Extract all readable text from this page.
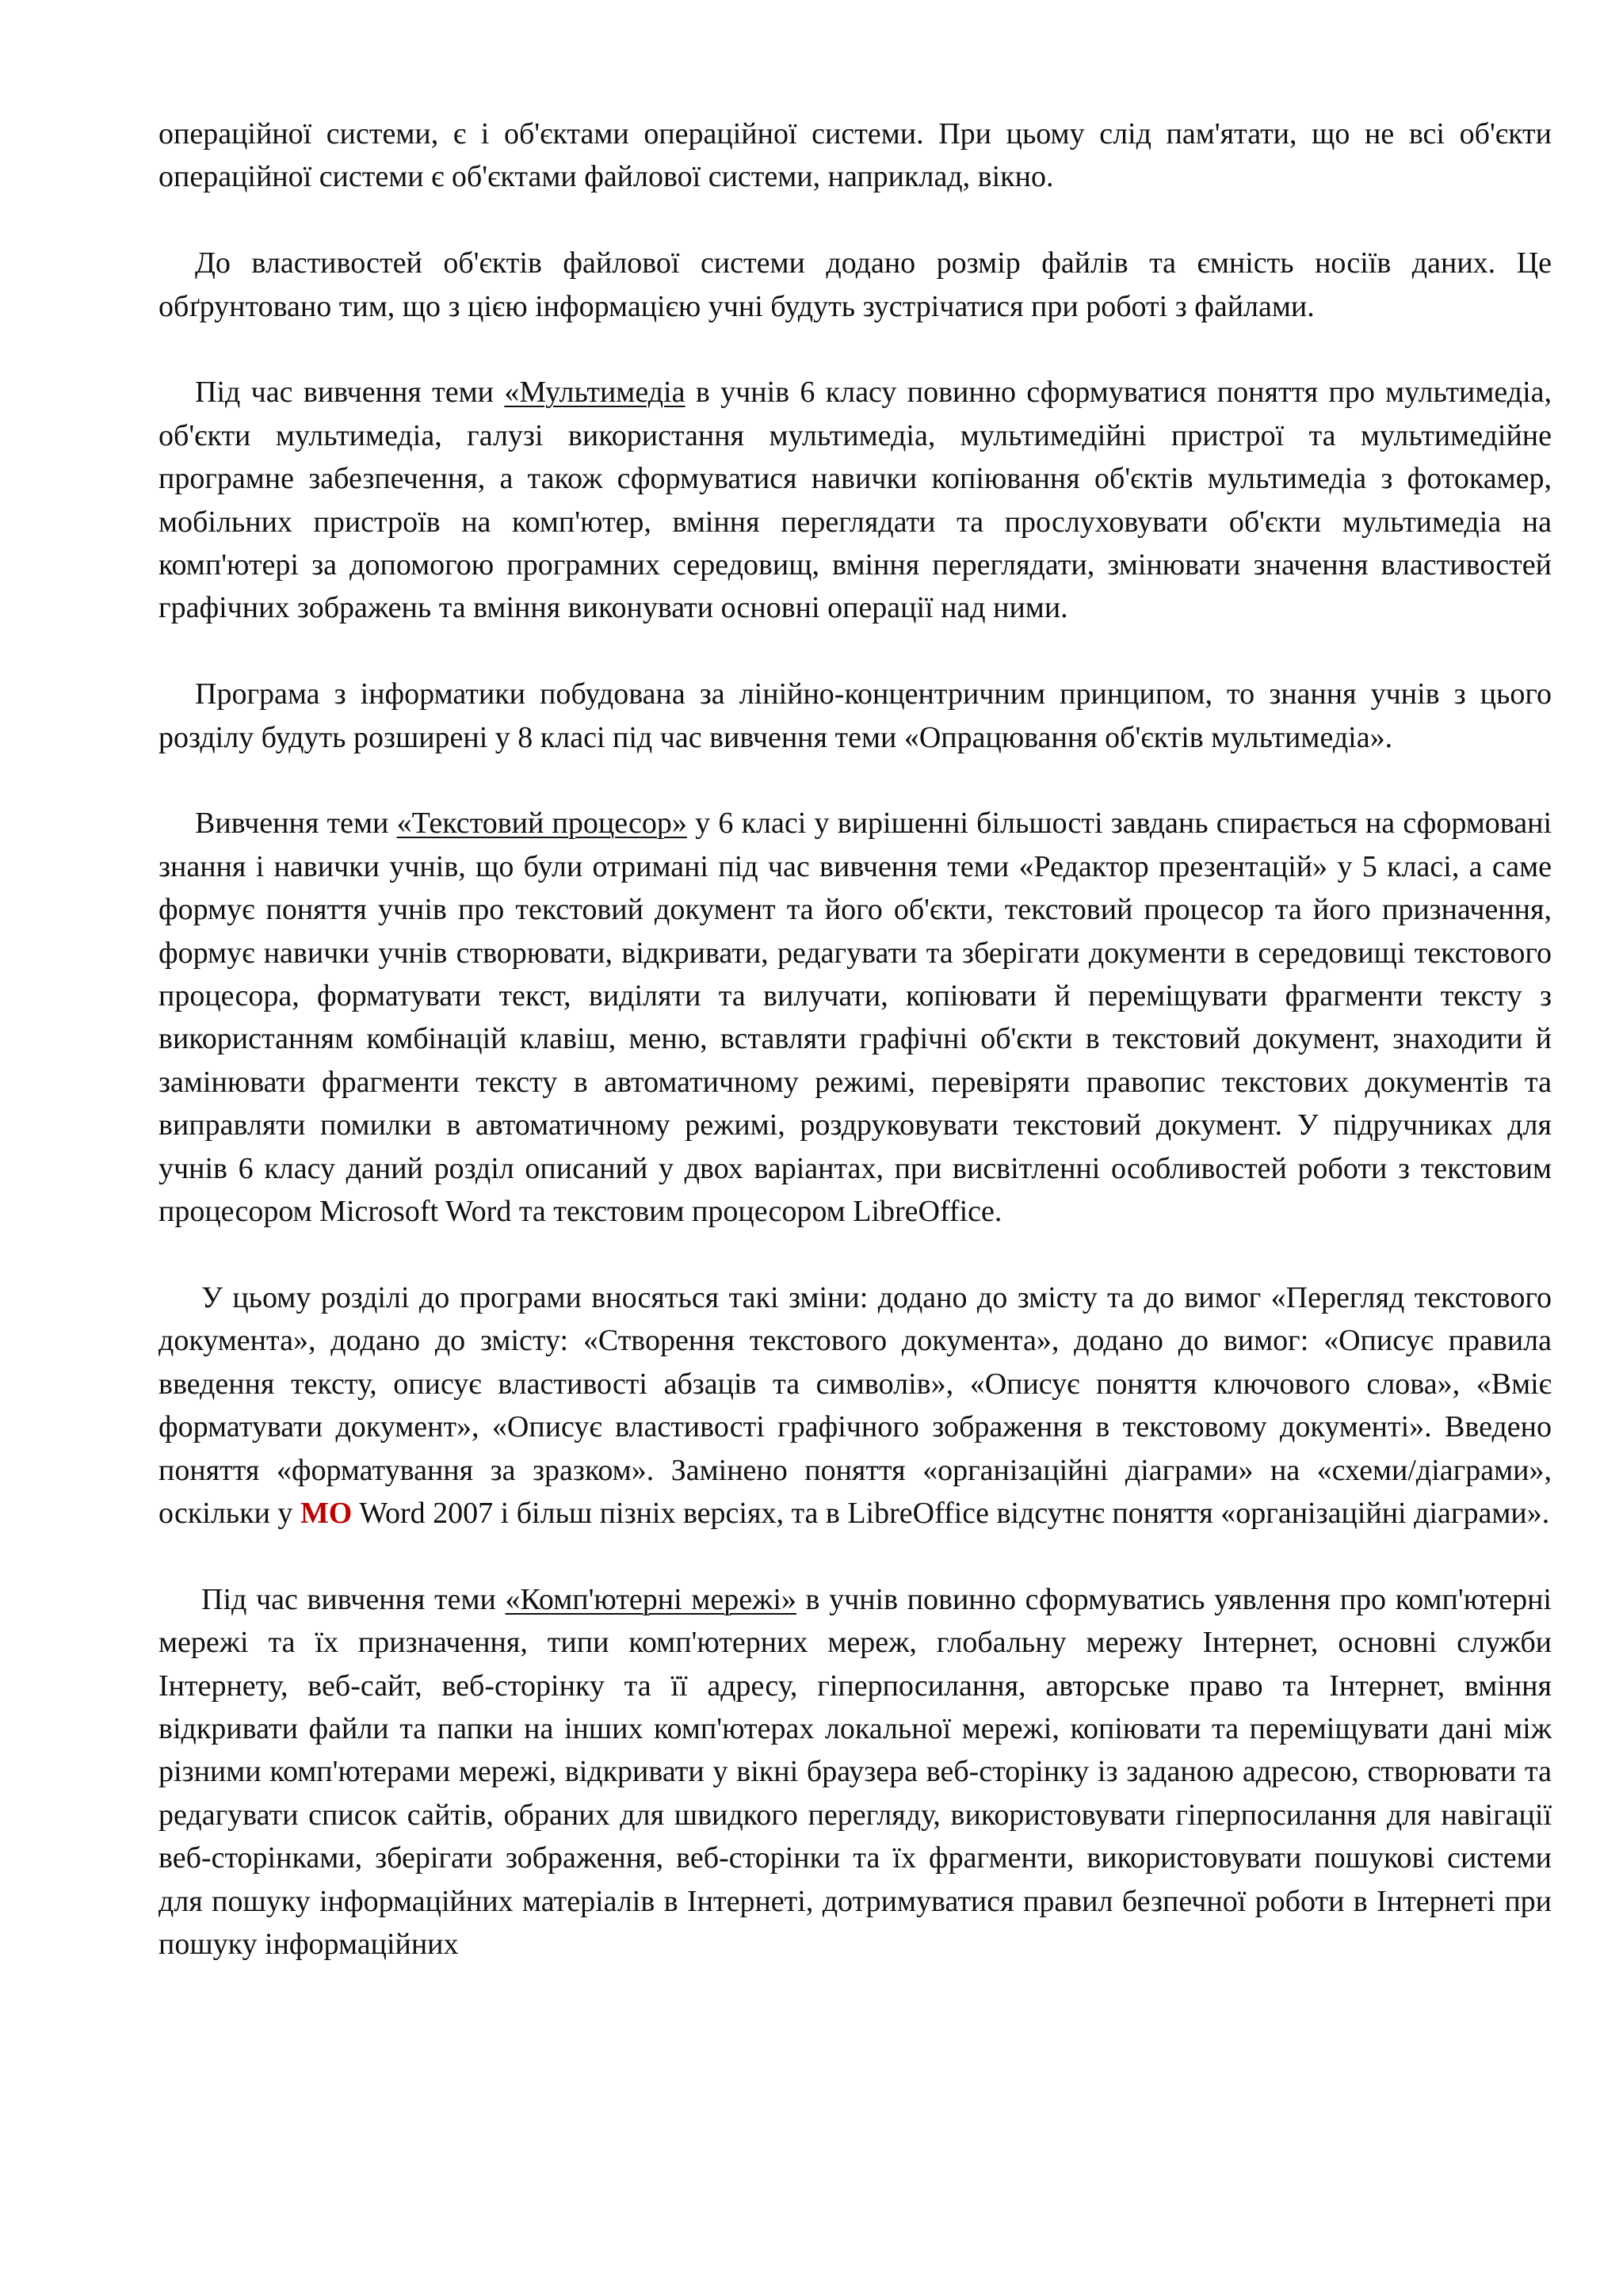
операційної системи, є і об'єктами операційної системи. При цьому слід пам'ятати, що не всі об'єкти операційної системи є об'єктами файлової системи, наприклад, вікно.

До властивостей об'єктів файлової системи додано розмір файлів та ємність носіїв даних. Це обґрунтовано тим, що з цією інформацією учні будуть зустрічатися при роботі з файлами.

Під час вивчення теми «Мультимедіа в учнів 6 класу повинно сформуватися поняття про мультимедіа, об'єкти мультимедіа, галузі використання мультимедіа, мультимедійні пристрої та мультимедійне програмне забезпечення, а також сформуватися навички копіювання об'єктів мультимедіа з фотокамер, мобільних пристроїв на комп'ютер, вміння переглядати та прослуховувати об'єкти мультимедіа на комп'ютері за допомогою програмних середовищ, вміння переглядати, змінювати значення властивостей графічних зображень та вміння виконувати основні операції над ними.

Програма з інформатики побудована за лінійно-концентричним принципом, то знання учнів з цього розділу будуть розширені у 8 класі під час вивчення теми «Опрацювання об'єктів мультимедіа».

Вивчення теми «Текстовий процесор» у 6 класі у вирішенні більшості завдань спирається на сформовані знання і навички учнів, що були отримані під час вивчення теми «Редактор презентацій» у 5 класі, а саме формує поняття учнів про текстовий документ та його об'єкти, текстовий процесор та його призначення, формує навички учнів створювати, відкривати, редагувати та зберігати документи в середовищі текстового процесора, форматувати текст, виділяти та вилучати, копіювати й переміщувати фрагменти тексту з використанням комбінацій клавіш, меню, вставляти графічні об'єкти в текстовий документ, знаходити й замінювати фрагменти тексту в автоматичному режимі, перевіряти правопис текстових документів та виправляти помилки в автоматичному режимі, роздруковувати текстовий документ. У підручниках для учнів 6 класу даний розділ описаний у двох варіантах, при висвітленні особливостей роботи з текстовим процесором Microsoft Word та текстовим процесором LibreOffice.

У цьому розділі до програми вносяться такі зміни: додано до змісту та до вимог «Перегляд текстового документа», додано до змісту: «Створення текстового документа», додано до вимог: «Описує правила введення тексту, описує властивості абзаців та символів», «Описує поняття ключового слова», «Вміє форматувати документ», «Описує властивості графічного зображення в текстовому документі». Введено поняття «форматування за зразком». Замінено поняття «організаційні діаграми» на «схеми/діаграми», оскільки у MO Word 2007 і більш пізніх версіях, та в LibreOffice відсутнє поняття «організаційні діаграми».

Під час вивчення теми «Комп'ютерні мережі» в учнів повинно сформуватись уявлення про комп'ютерні мережі та їх призначення, типи комп'ютерних мереж, глобальну мережу Інтернет, основні служби Інтернету, веб-сайт, веб-сторінку та її адресу, гіперпосилання, авторське право та Інтернет, вміння відкривати файли та папки на інших комп'ютерах локальної мережі, копіювати та переміщувати дані між різними комп'ютерами мережі, відкривати у вікні браузера веб-сторінку із заданою адресою, створювати та редагувати список сайтів, обраних для швидкого перегляду, використовувати гіперпосилання для навігації веб-сторінками, зберігати зображення, веб-сторінки та їх фрагменти, використовувати пошукові системи для пошуку інформаційних матеріалів в Інтернеті, дотримуватися правил безпечної роботи в Інтернеті при пошуку інформаційних
